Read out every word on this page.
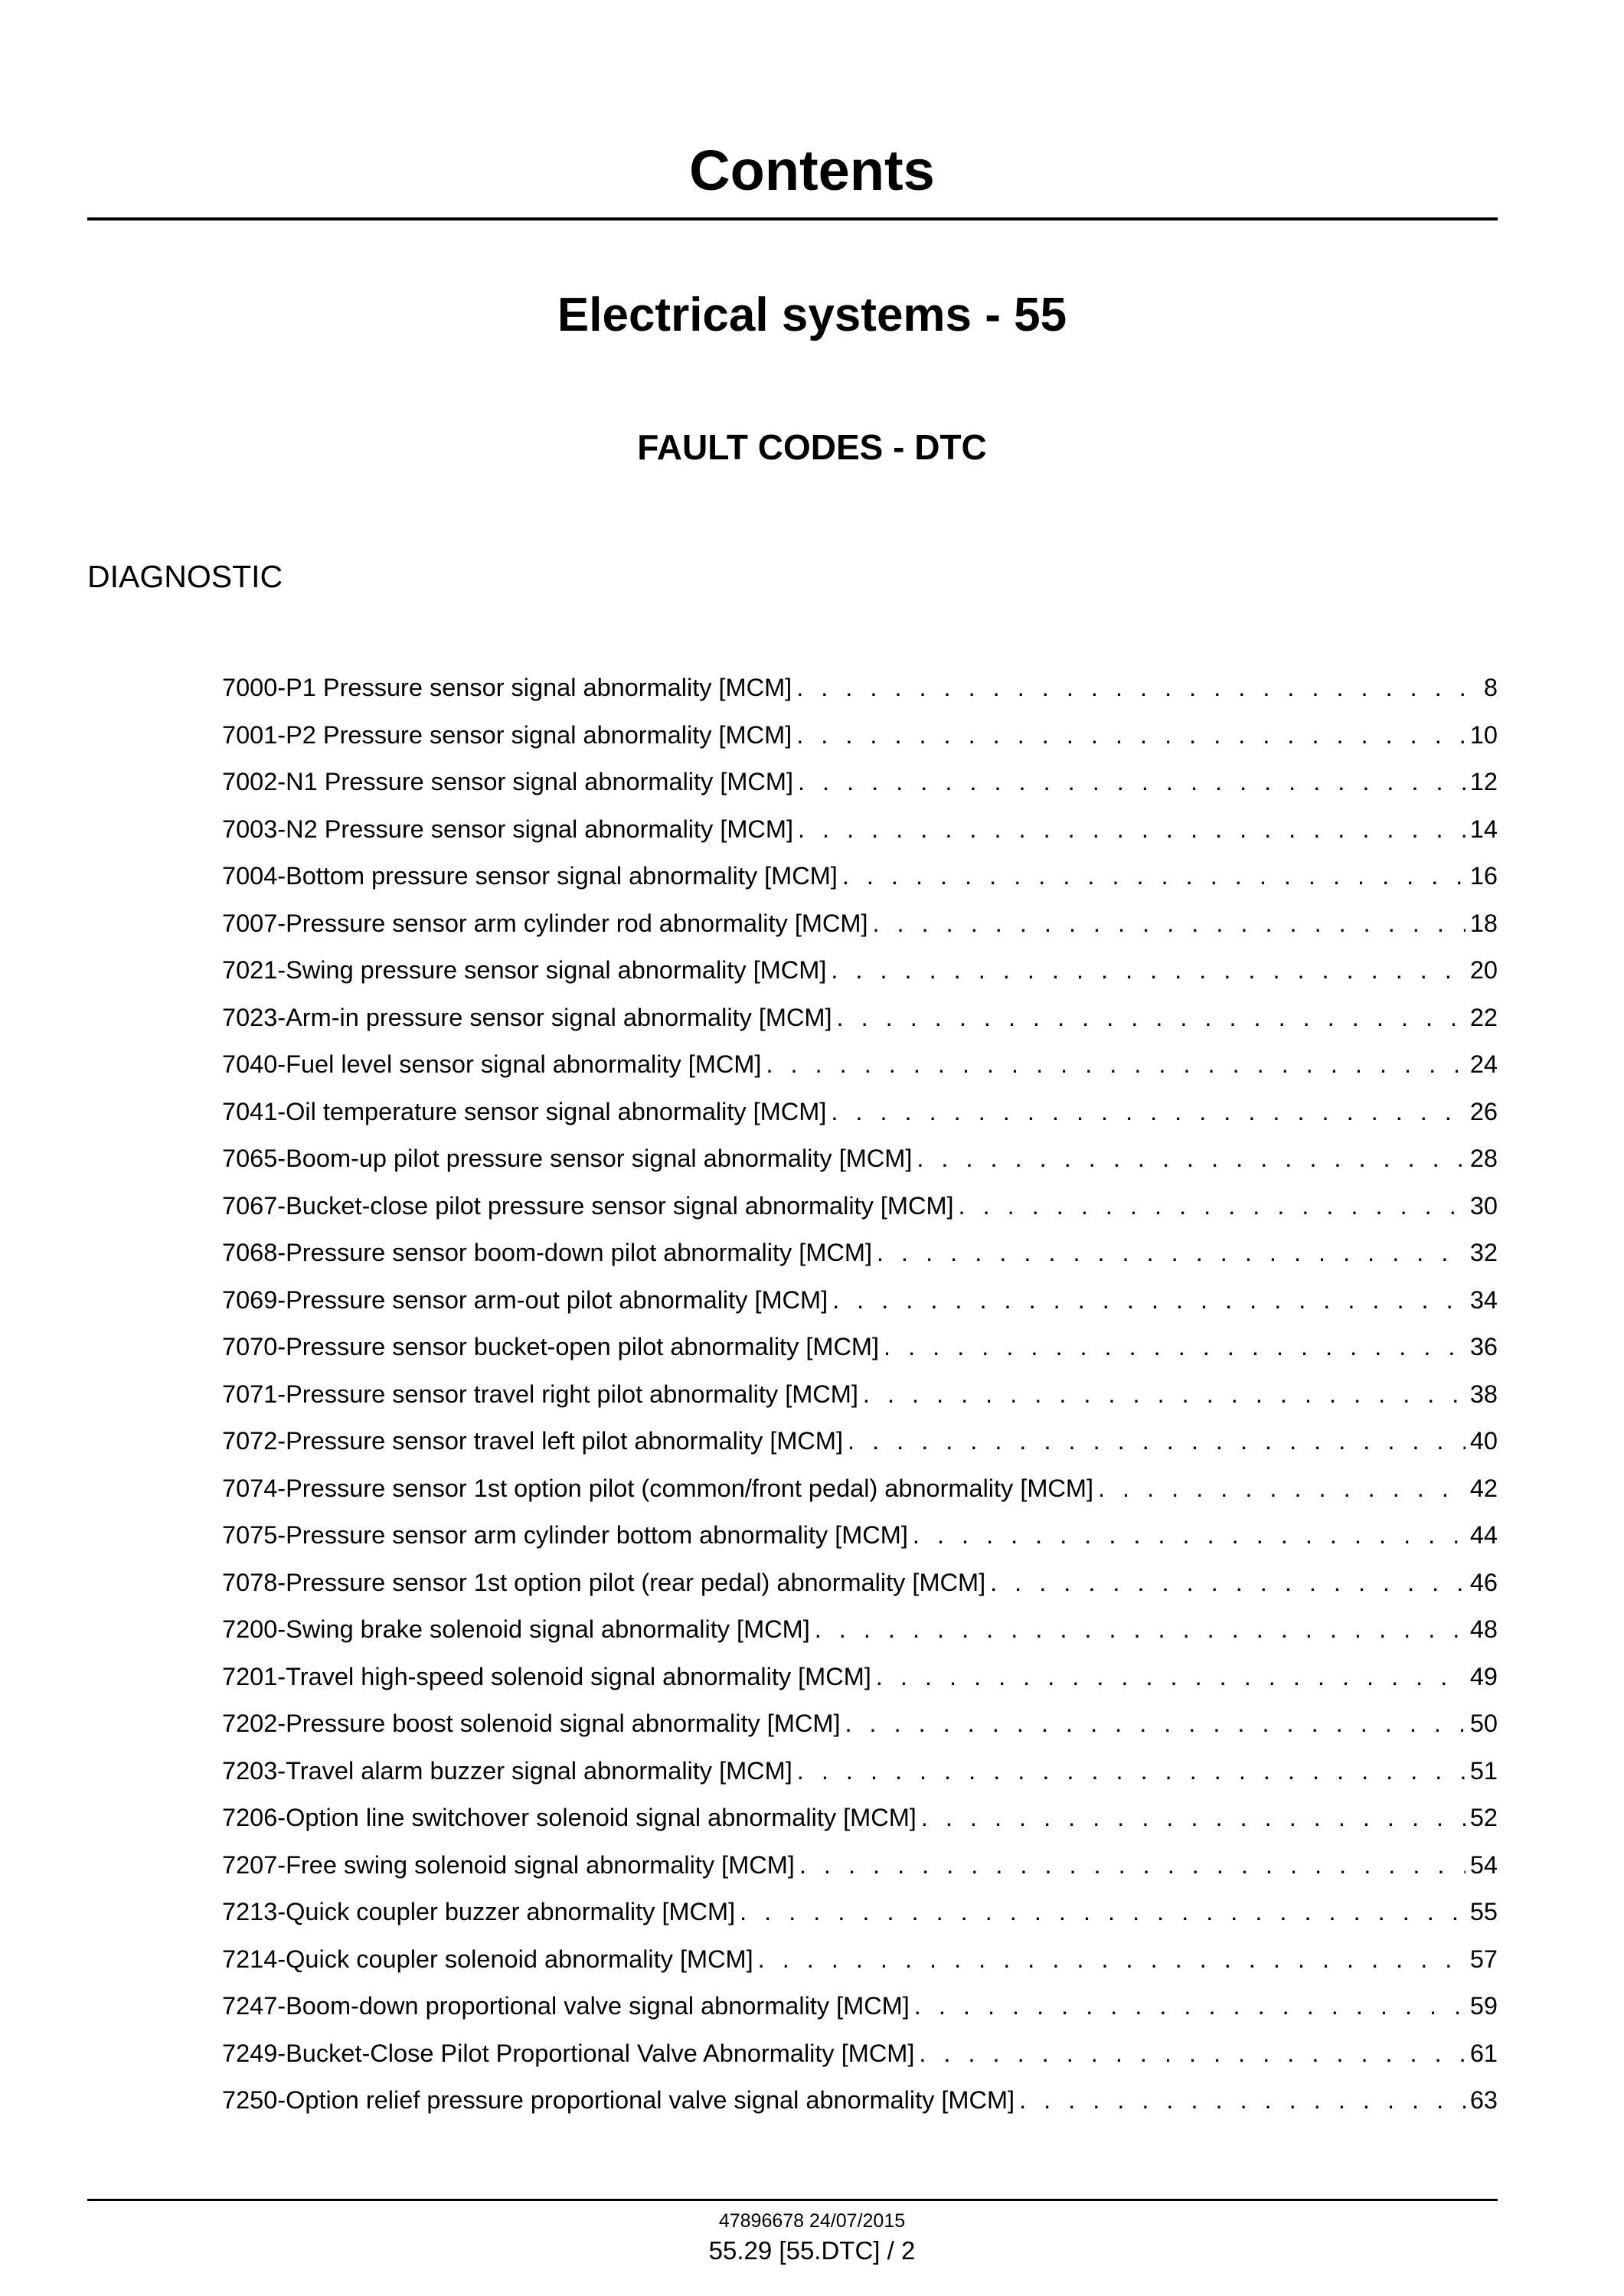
Contents
Electrical systems - 55
FAULT CODES - DTC
DIAGNOSTIC
7000-P1 Pressure sensor signal abnormality [MCM] . . .	8
7001-P2 Pressure sensor signal abnormality [MCM] . . .	10
7002-N1 Pressure sensor signal abnormality [MCM] . . .	12
7003-N2 Pressure sensor signal abnormality [MCM] . . .	14
7004-Bottom pressure sensor signal abnormality [MCM] . . .	16
7007-Pressure sensor arm cylinder rod abnormality [MCM] . . .	18
7021-Swing pressure sensor signal abnormality [MCM] . . .	20
7023-Arm-in pressure sensor signal abnormality [MCM] . . .	22
7040-Fuel level sensor signal abnormality [MCM] . . .	24
7041-Oil temperature sensor signal abnormality [MCM] . . .	26
7065-Boom-up pilot pressure sensor signal abnormality [MCM] . . .	28
7067-Bucket-close pilot pressure sensor signal abnormality [MCM] . . .	30
7068-Pressure sensor boom-down pilot abnormality [MCM] . . .	32
7069-Pressure sensor arm-out pilot abnormality [MCM] . . .	34
7070-Pressure sensor bucket-open pilot abnormality [MCM] . . .	36
7071-Pressure sensor travel right pilot abnormality [MCM] . . .	38
7072-Pressure sensor travel left pilot abnormality [MCM] . . .	40
7074-Pressure sensor 1st option pilot (common/front pedal) abnormality [MCM] . . .	42
7075-Pressure sensor arm cylinder bottom abnormality [MCM] . . .	44
7078-Pressure sensor 1st option pilot (rear pedal) abnormality [MCM] . . .	46
7200-Swing brake solenoid signal abnormality [MCM] . . .	48
7201-Travel high-speed solenoid signal abnormality [MCM] . . .	49
7202-Pressure boost solenoid signal abnormality [MCM] . . .	50
7203-Travel alarm buzzer signal abnormality [MCM] . . .	51
7206-Option line switchover solenoid signal abnormality [MCM] . . .	52
7207-Free swing solenoid signal abnormality [MCM] . . .	54
7213-Quick coupler buzzer abnormality [MCM] . . .	55
7214-Quick coupler solenoid abnormality [MCM] . . .	57
7247-Boom-down proportional valve signal abnormality [MCM] . . .	59
7249-Bucket-Close Pilot Proportional Valve Abnormality [MCM] . . .	61
7250-Option relief pressure proportional valve signal abnormality [MCM] . . .	63
47896678 24/07/2015
55.29 [55.DTC] / 2
